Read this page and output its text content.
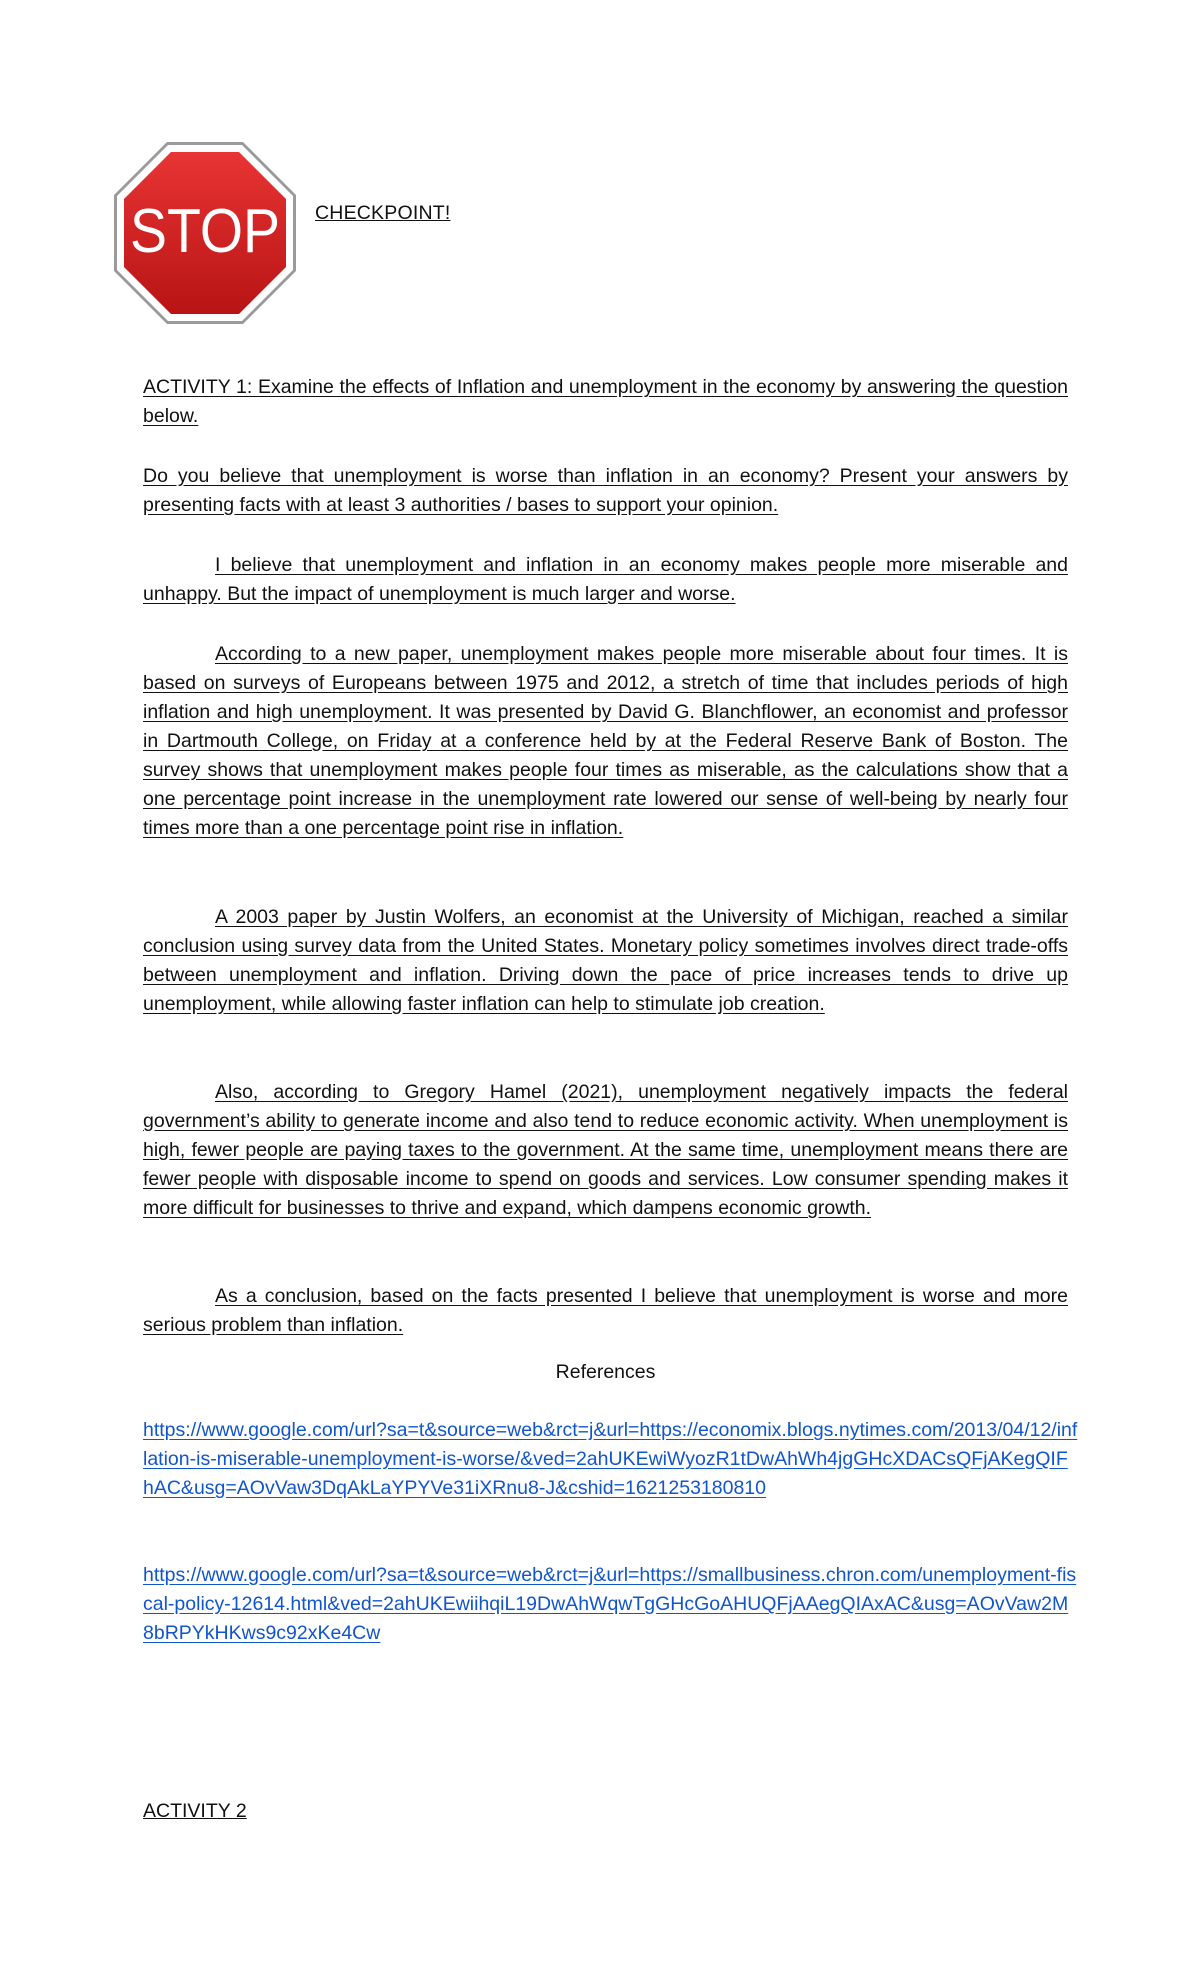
STOP CHECKPOINT!

ACTIVITY 1: Examine the effects of Inflation and unemployment in the economy by answering the question below.

Do you believe that unemployment is worse than inflation in an economy? Present your answers by presenting facts with at least 3 authorities / bases to support your opinion.

I believe that unemployment and inflation in an economy makes people more miserable and unhappy. But the impact of unemployment is much larger and worse.

According to a new paper, unemployment makes people more miserable about four times. It is based on surveys of Europeans between 1975 and 2012, a stretch of time that includes periods of high inflation and high unemployment. It was presented by David G. Blanchflower, an economist and professor in Dartmouth College, on Friday at a conference held by at the Federal Reserve Bank of Boston. The survey shows that unemployment makes people four times as miserable, as the calculations show that a one percentage point increase in the unemployment rate lowered our sense of well-being by nearly four times more than a one percentage point rise in inflation.

A 2003 paper by Justin Wolfers, an economist at the University of Michigan, reached a similar conclusion using survey data from the United States. Monetary policy sometimes involves direct trade-offs between unemployment and inflation. Driving down the pace of price increases tends to drive up unemployment, while allowing faster inflation can help to stimulate job creation.

Also, according to Gregory Hamel (2021), unemployment negatively impacts the federal government’s ability to generate income and also tend to reduce economic activity. When unemployment is high, fewer people are paying taxes to the government. At the same time, unemployment means there are fewer people with disposable income to spend on goods and services. Low consumer spending makes it more difficult for businesses to thrive and expand, which dampens economic growth.

As a conclusion, based on the facts presented I believe that unemployment is worse and more serious problem than inflation.

References
https://www.google.com/url?sa=t&source=web&rct=j&url=https://economix.blogs.nytimes.com/2013/04/12/inflation-is-miserable-unemployment-is-worse/&ved=2ahUKEwiWyozR1tDwAhWh4jgGHcXDACsQFjAKegQIFhAC&usg=AOvVaw3DqAkLaYPYVe31iXRnu8-J&cshid=1621253180810
https://www.google.com/url?sa=t&source=web&rct=j&url=https://smallbusiness.chron.com/unemployment-fiscal-policy-12614.html&ved=2ahUKEwiihqiL19DwAhWqwTgGHcGoAHUQFjAAegQIAxAC&usg=AOvVaw2M8bRPYkHKws9c92xKe4Cw
ACTIVITY 2
